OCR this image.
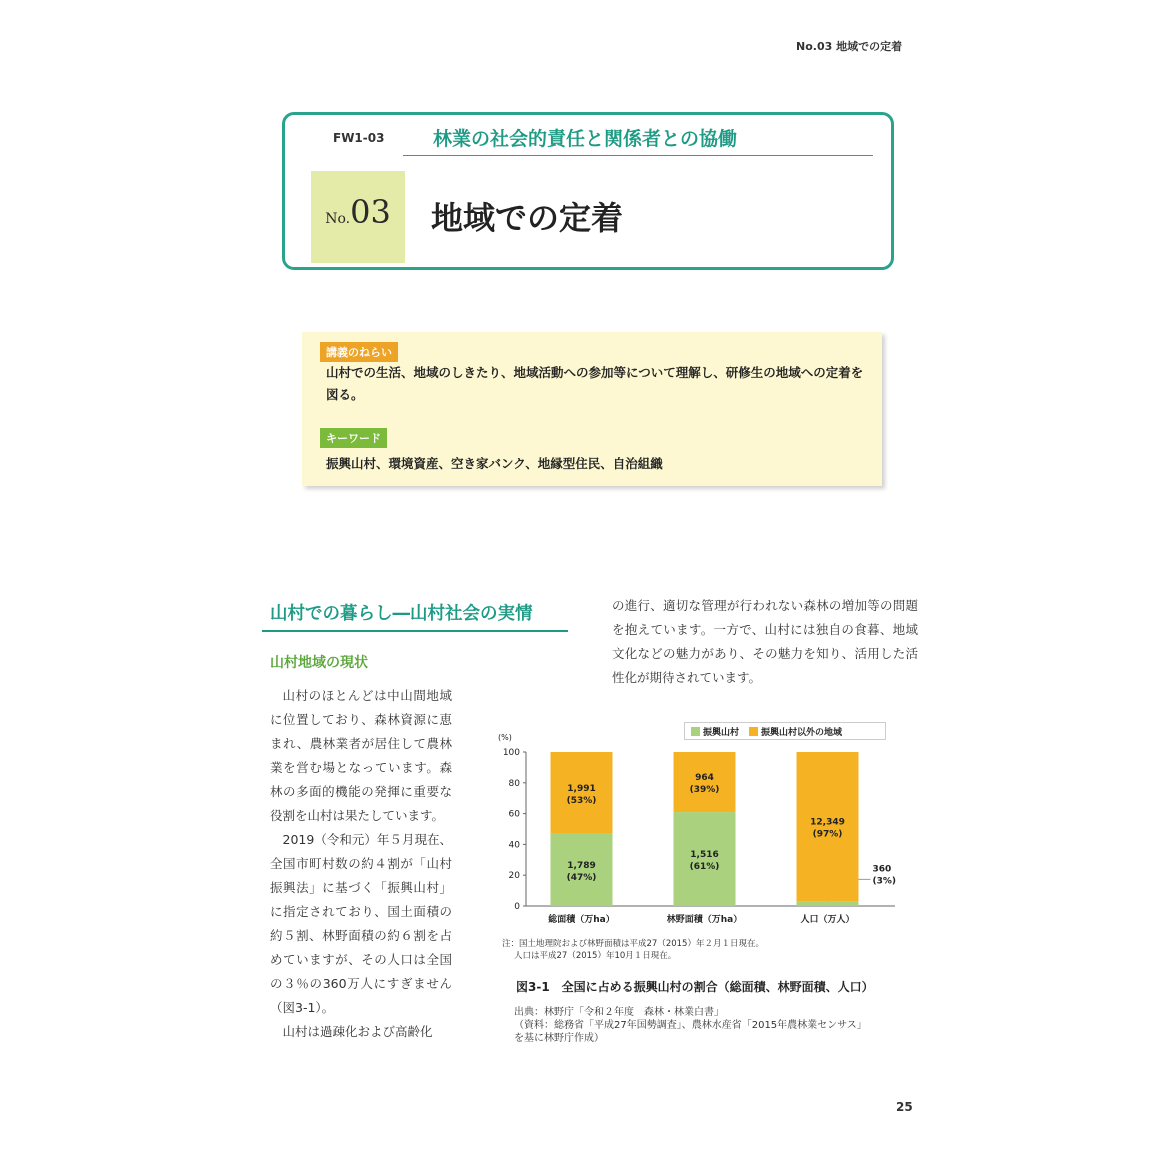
No.03 地域での定着
FW1-03	林業の社会的責任と関係者との協働
No. 03 地域での定着
講義のねらい
山村での生活、地域のしきたり、地域活動への参加等について理解し、研修生の地域への定着を図る。
キーワード
振興山村、環境資産、空き家バンク、地縁型住民、自治組織
山村での暮らし―山村社会の実情
山村地域の現状

山村のほとんどは中山間地域に位置しており、森林資源に恵まれ、農林業者が居住して農林業を営む場となっています。森林の多面的機能の発揮に重要な役割を山村は果たしています。

2019（令和元）年５月現在、全国市町村数の約４割が「山村振興法」に基づく「振興山村」に指定されており、国土面積の約５割、林野面積の約６割を占めていますが、その人口は全国の３％の360万人にすぎません（図3-1）。

山村は過疎化および高齢化

の進行、適切な管理が行われない森林の増加等の問題を抱えています。一方で、山村には独自の食暮、地域文化などの魅力があり、その魅力を知り、活用した活性化が期待されています。

振興山村 振興山村以外の地域
(%)
0
20
40
60
80
100
1,789
(47%)
1,991
(53%)
総面積（万ha）
1,516
(61%)
964
(39%)
林野面積（万ha）
360
(3%)
12,349
(97%)
人口（万人）
注：国土地理院および林野面積は平成27（2015）年２月１日現在。
人口は平成27（2015）年10月１日現在。
図3-1　全国に占める振興山村の割合（総面積、林野面積、人口）
出典：林野庁「令和２年度　森林・林業白書」
（資料：総務省「平成27年国勢調査」、農林水産省「2015年農林業センサス」
を基に林野庁作成）
25
